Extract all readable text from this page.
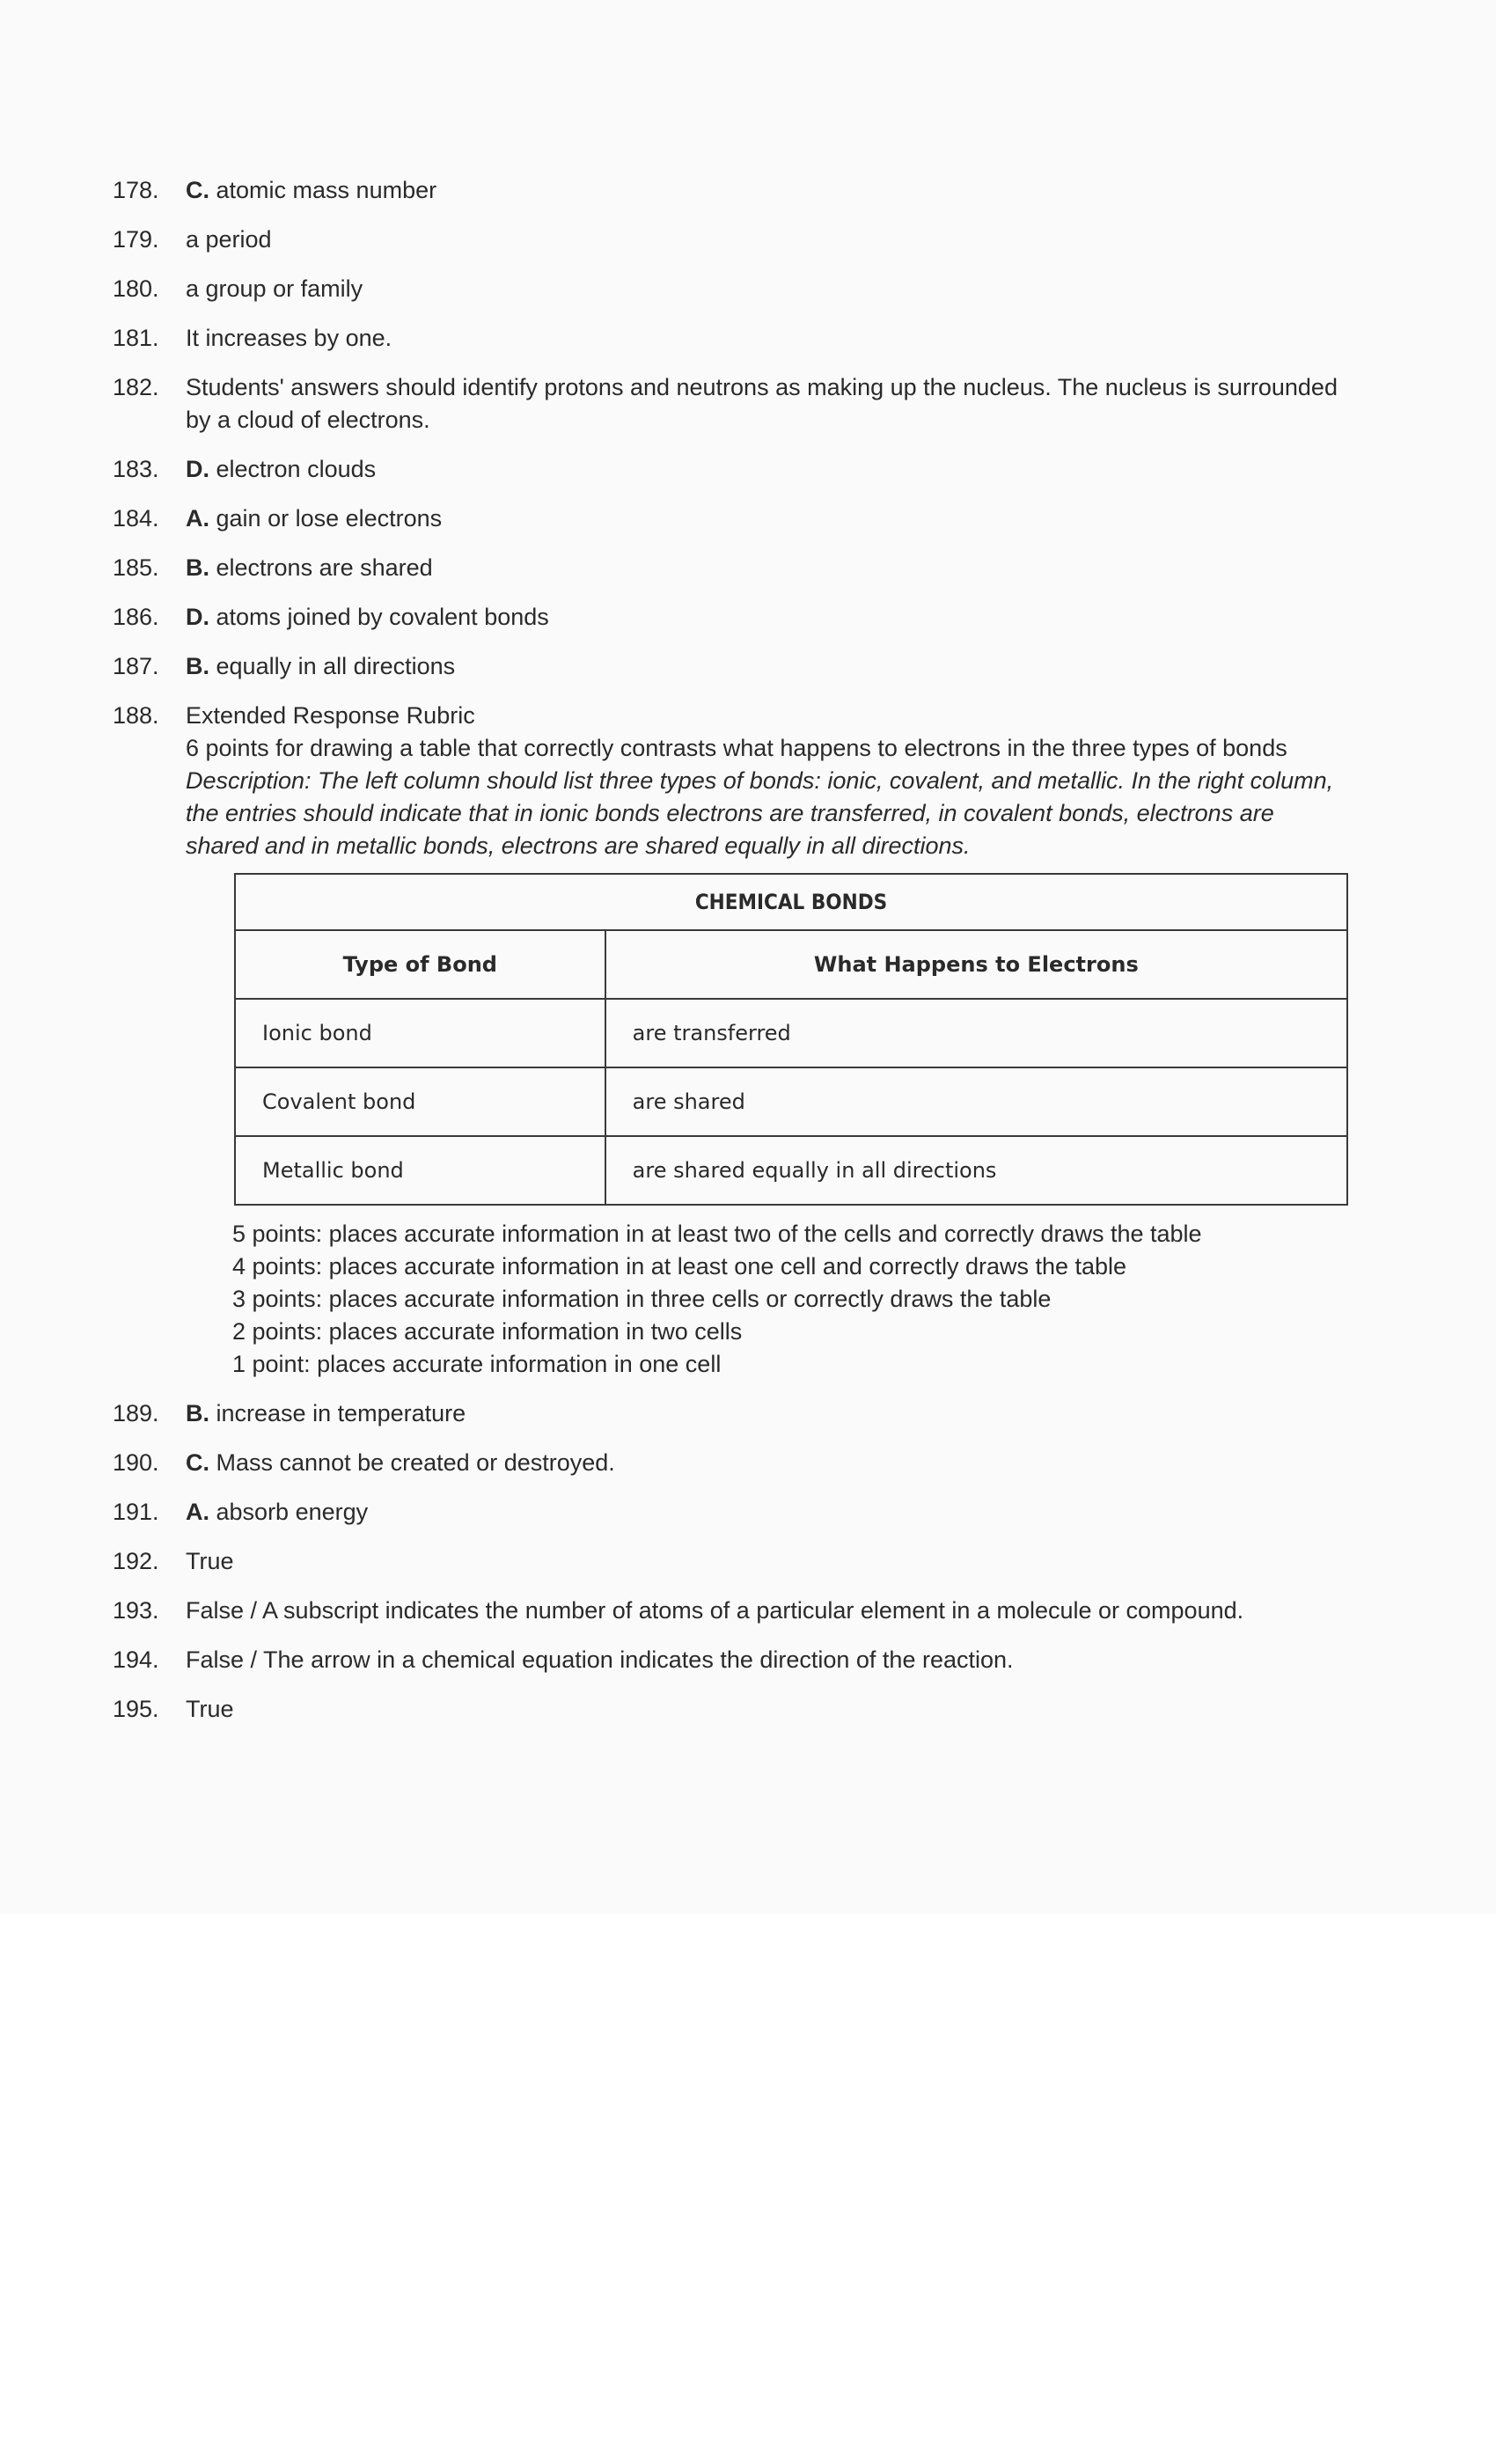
178.	C. atomic mass number
179.	a period
180.	a group or family
181.	It increases by one.
182.	Students' answers should identify protons and neutrons as making up the nucleus. The nucleus is surrounded by a cloud of electrons.
183.	D. electron clouds
184.	A. gain or lose electrons
185.	B. electrons are shared
186.	D. atoms joined by covalent bonds
187.	B. equally in all directions
188.	Extended Response Rubric
6 points for drawing a table that correctly contrasts what happens to electrons in the three types of bonds
Description: The left column should list three types of bonds: ionic, covalent, and metallic. In the right column, the entries should indicate that in ionic bonds electrons are transferred, in covalent bonds, electrons are shared and in metallic bonds, electrons are shared equally in all directions.
CHEMICAL BONDS	
Type of Bond	What Happens to Electrons
Ionic bond	are transferred
Covalent bond	are shared
Metallic bond	are shared equally in all directions
5 points: places accurate information in at least two of the cells and correctly draws the table
4 points: places accurate information in at least one cell and correctly draws the table
3 points: places accurate information in three cells or correctly draws the table
2 points: places accurate information in two cells
1 point: places accurate information in one cell
189.	B. increase in temperature
190.	C. Mass cannot be created or destroyed.
191.	A. absorb energy
192.	True
193.	False / A subscript indicates the number of atoms of a particular element in a molecule or compound.
194.	False / The arrow in a chemical equation indicates the direction of the reaction.
195.	True
